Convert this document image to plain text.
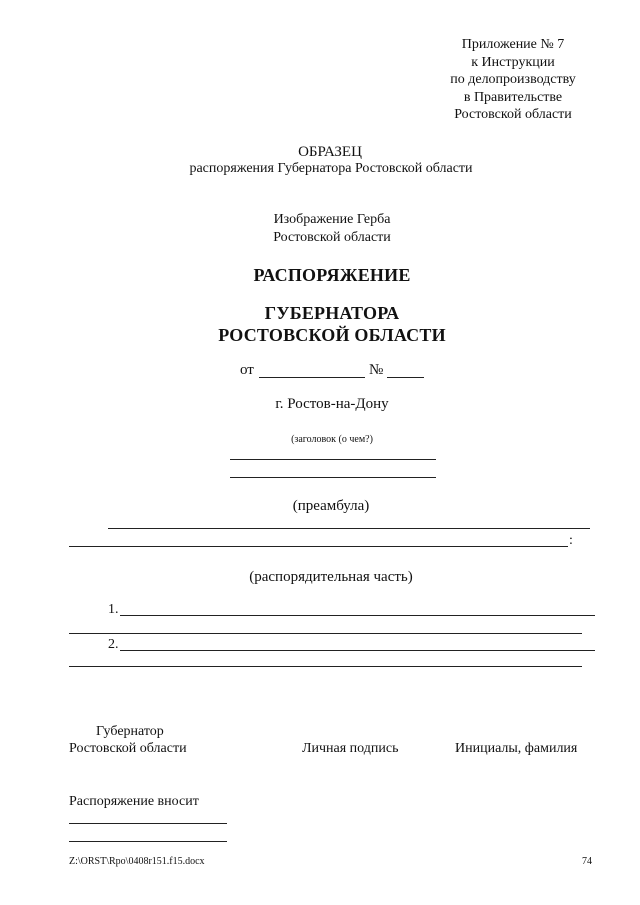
Приложение № 7
к Инструкции
по делопроизводству
в Правительстве
Ростовской области
ОБРАЗЕЦ
распоряжения Губернатора Ростовской области
Изображение Герба
Ростовской области
РАСПОРЯЖЕНИЕ
ГУБЕРНАТОРА
РОСТОВСКОЙ ОБЛАСТИ
от	№
г. Ростов-на-Дону
(заголовок (о чем?)
(преамбула)
:
(распорядительная часть)
1.
2.
Губернатор
Ростовской области	Личная подпись	Инициалы, фамилия
Распоряжение вносит
Z:\ORST\Rpo\0408r151.f15.docx	74
